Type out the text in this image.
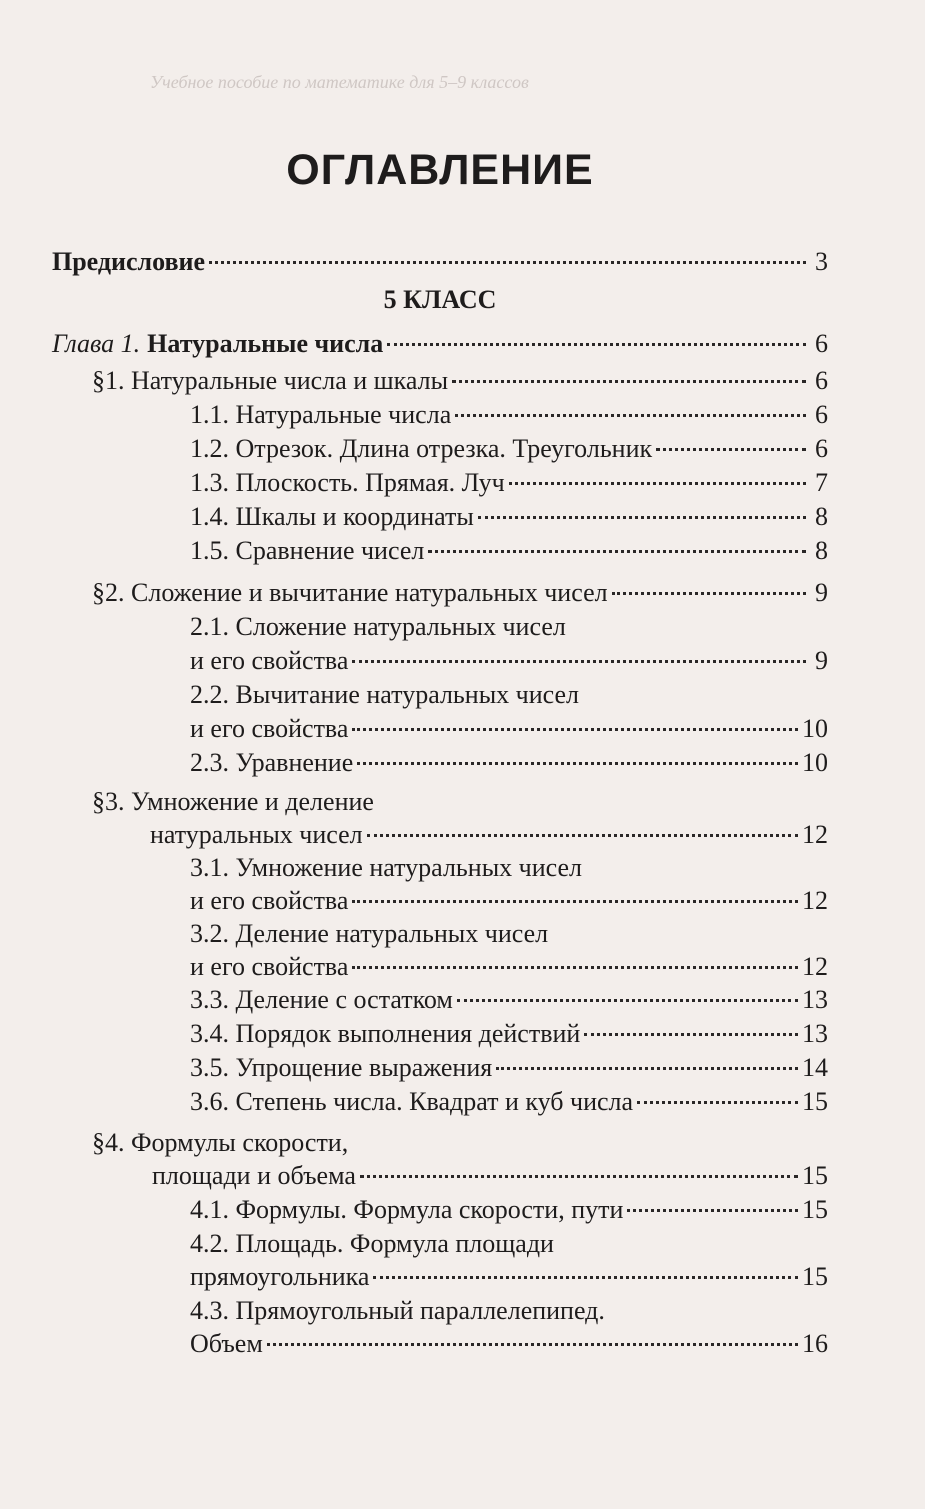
Учебное пособие по математике для 5–9 классов
ОГЛАВЛЕНИЕ
Предисловие	3
5 КЛАСС
Глава 1. Натуральные числа	6
§1. Натуральные числа и шкалы	6
1.1. Натуральные числа	6
1.2. Отрезок. Длина отрезка. Треугольник	6
1.3. Плоскость. Прямая. Луч	7
1.4. Шкалы и координаты	8
1.5. Сравнение чисел	8
§2. Сложение и вычитание натуральных чисел	9
2.1. Сложение натуральных чисел
и его свойства	9
2.2. Вычитание натуральных чисел
и его свойства	10
2.3. Уравнение	10
§3. Умножение и деление
натуральных чисел	12
3.1. Умножение натуральных чисел
и его свойства	12
3.2. Деление натуральных чисел
и его свойства	12
3.3. Деление с остатком	13
3.4. Порядок выполнения действий	13
3.5. Упрощение выражения	14
3.6. Степень числа. Квадрат и куб числа	15
§4. Формулы скорости,
площади и объема	15
4.1. Формулы. Формула скорости, пути	15
4.2. Площадь. Формула площади
прямоугольника	15
4.3. Прямоугольный параллелепипед.
Объем	16
